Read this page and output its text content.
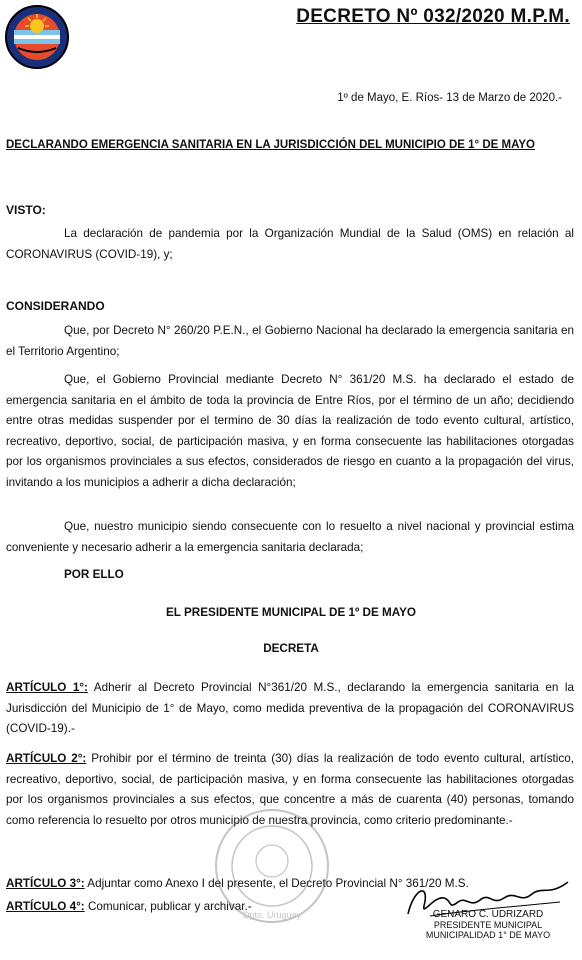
DECRETO Nº 032/2020 M.P.M.
1º de Mayo, E. Ríos- 13 de Marzo de 2020.-
DECLARANDO EMERGENCIA SANITARIA EN LA JURISDICCIÓN DEL MUNICIPIO DE 1° DE MAYO
VISTO:
La declaración de pandemia por la Organización Mundial de la Salud (OMS) en relación al CORONAVIRUS (COVID-19), y;
CONSIDERANDO
Que, por Decreto N° 260/20 P.E.N., el Gobierno Nacional ha declarado la emergencia sanitaria en el Territorio Argentino;
Que, el Gobierno Provincial mediante Decreto N° 361/20 M.S. ha declarado el estado de emergencia sanitaria en el ámbito de toda la provincia de Entre Ríos, por el término de un año; decidiendo entre otras medidas suspender por el termino de 30 días la realización de todo evento cultural, artístico, recreativo, deportivo, social, de participación masiva, y en forma consecuente las habilitaciones otorgadas por los organismos provinciales a sus efectos, considerados de riesgo en cuanto a la propagación del virus, invitando a los municipios a adherir a dicha declaración;
Que, nuestro municipio siendo consecuente con lo resuelto a nivel nacional y provincial estima conveniente y necesario adherir a la emergencia sanitaria declarada;
POR ELLO
EL PRESIDENTE MUNICIPAL DE 1º DE MAYO
DECRETA
ARTÍCULO 1°: Adherir al Decreto Provincial N°361/20 M.S., declarando la emergencia sanitaria en la Jurisdicción del Municipio de 1° de Mayo, como medida preventiva de la propagación del CORONAVIRUS (COVID-19).-
ARTÍCULO 2°: Prohibir por el término de treinta (30) días la realización de todo evento cultural, artístico, recreativo, deportivo, social, de participación masiva, y en forma consecuente las habilitaciones otorgadas por los organismos provinciales a sus efectos, que concentre a más de cuarenta (40) personas, tomando como referencia lo resuelto por otros municipio de nuestra provincia, como criterio predominante.-
ARTÍCULO 3°: Adjuntar como Anexo I del presente, el Decreto Provincial N° 361/20 M.S.
ARTÍCULO 4°: Comunicar, publicar y archivar.-
Dpto. Uruguay	GENARO C. UDRIZARD
PRESIDENTE MUNICIPAL
MUNICIPALIDAD 1° DE MAYO
